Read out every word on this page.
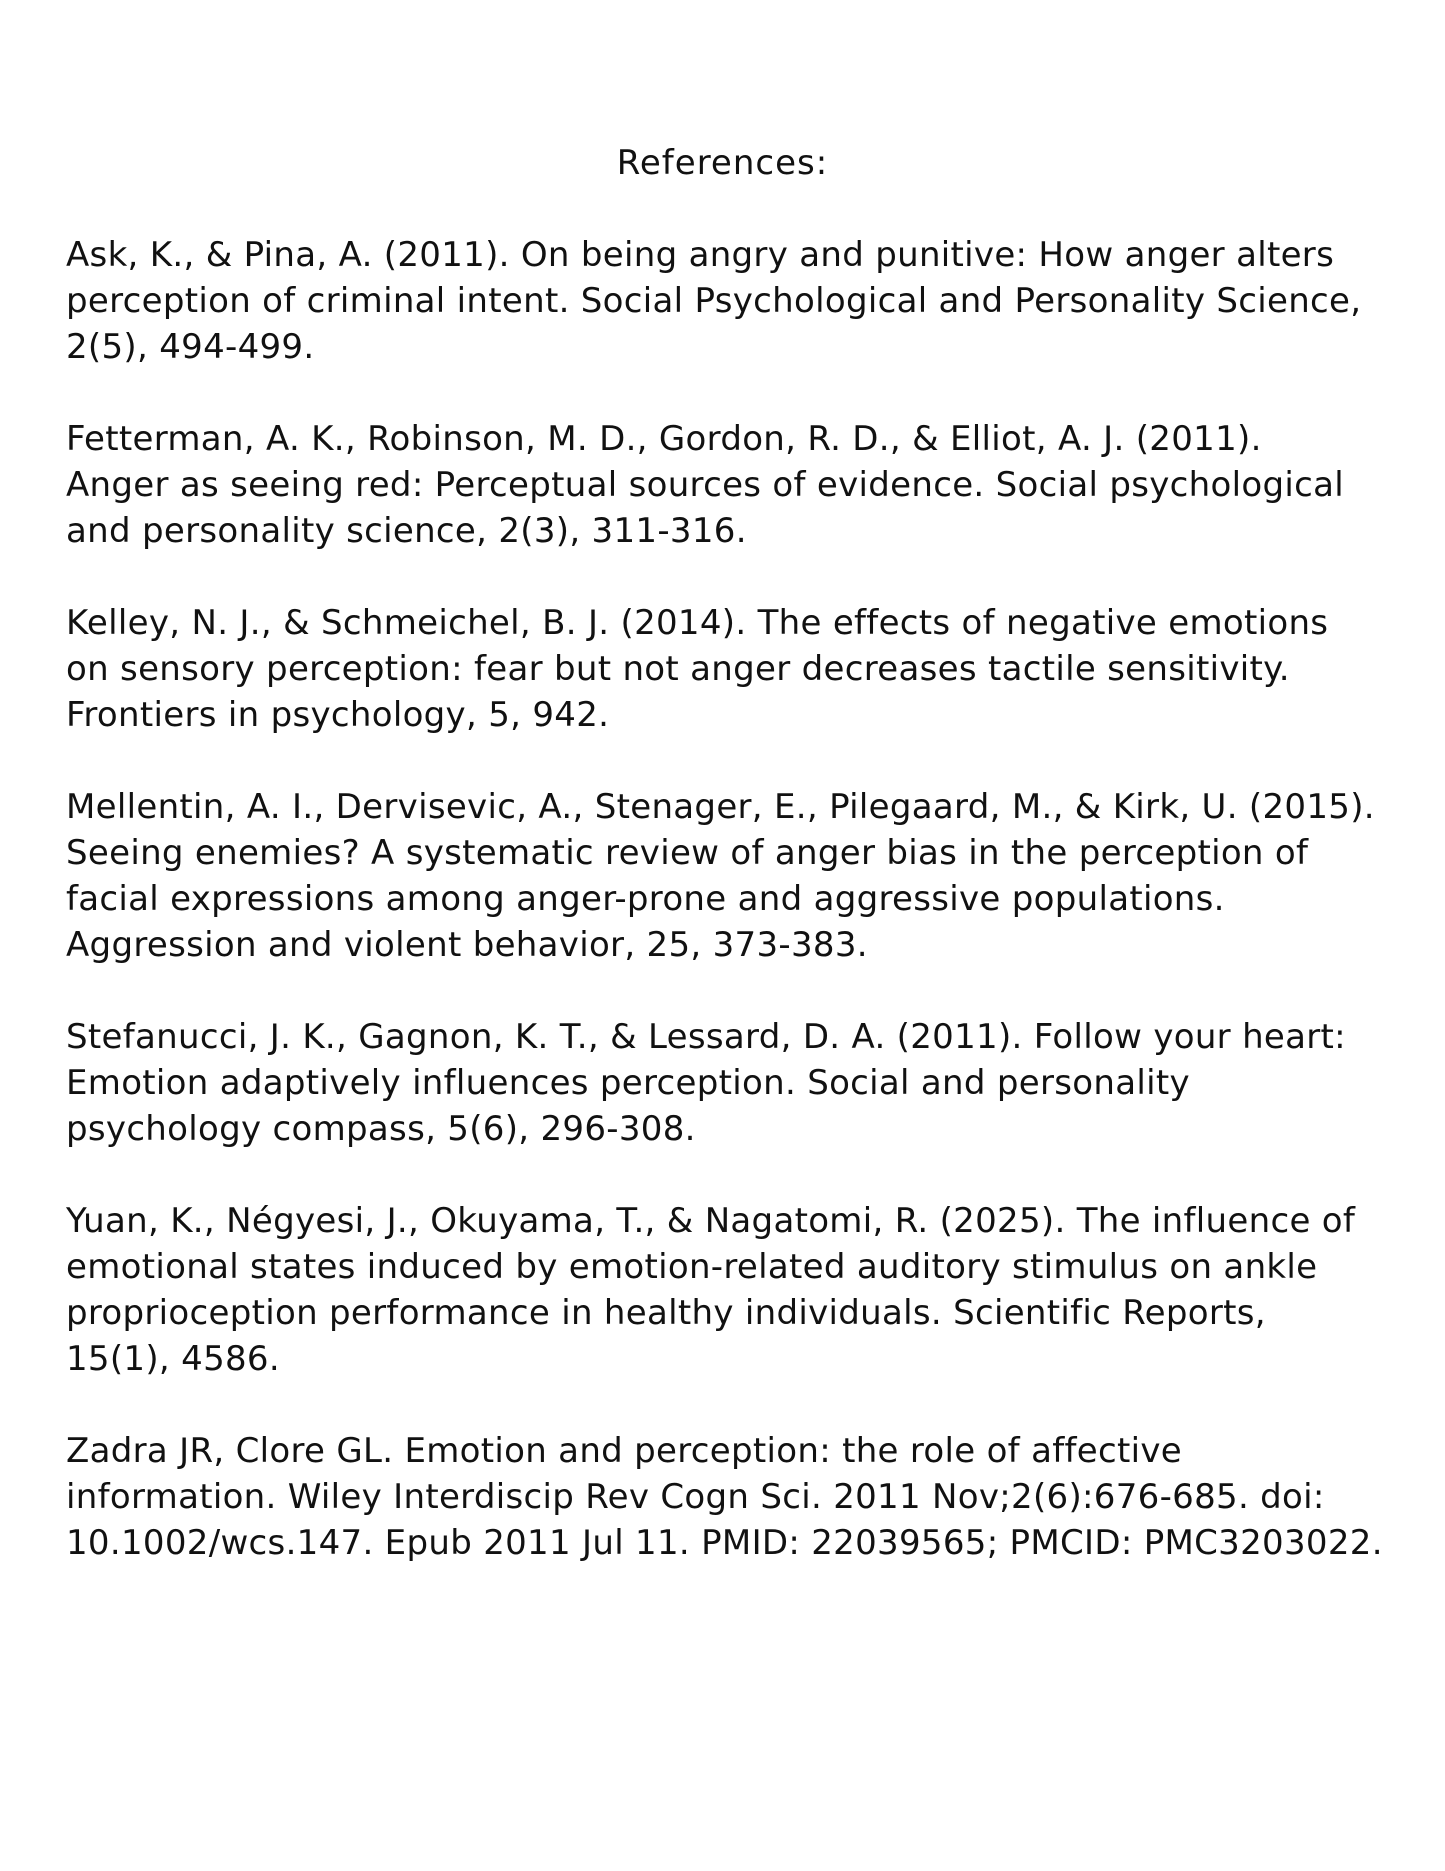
References:
Ask, K., & Pina, A. (2011). On being angry and punitive: How anger alters
perception of criminal intent. Social Psychological and Personality Science,
2(5), 494-499.
Fetterman, A. K., Robinson, M. D., Gordon, R. D., & Elliot, A. J. (2011).
Anger as seeing red: Perceptual sources of evidence. Social psychological
and personality science, 2(3), 311-316.
Kelley, N. J., & Schmeichel, B. J. (2014). The effects of negative emotions
on sensory perception: fear but not anger decreases tactile sensitivity.
Frontiers in psychology, 5, 942.
Mellentin, A. I., Dervisevic, A., Stenager, E., Pilegaard, M., & Kirk, U. (2015).
Seeing enemies? A systematic review of anger bias in the perception of
facial expressions among anger-prone and aggressive populations.
Aggression and violent behavior, 25, 373-383.
Stefanucci, J. K., Gagnon, K. T., & Lessard, D. A. (2011). Follow your heart:
Emotion adaptively influences perception. Social and personality
psychology compass, 5(6), 296-308.
Yuan, K., Négyesi, J., Okuyama, T., & Nagatomi, R. (2025). The influence of
emotional states induced by emotion-related auditory stimulus on ankle
proprioception performance in healthy individuals. Scientific Reports,
15(1), 4586.
Zadra JR, Clore GL. Emotion and perception: the role of affective
information. Wiley Interdiscip Rev Cogn Sci. 2011 Nov;2(6):676-685. doi:
10.1002/wcs.147. Epub 2011 Jul 11. PMID: 22039565; PMCID: PMC3203022.
